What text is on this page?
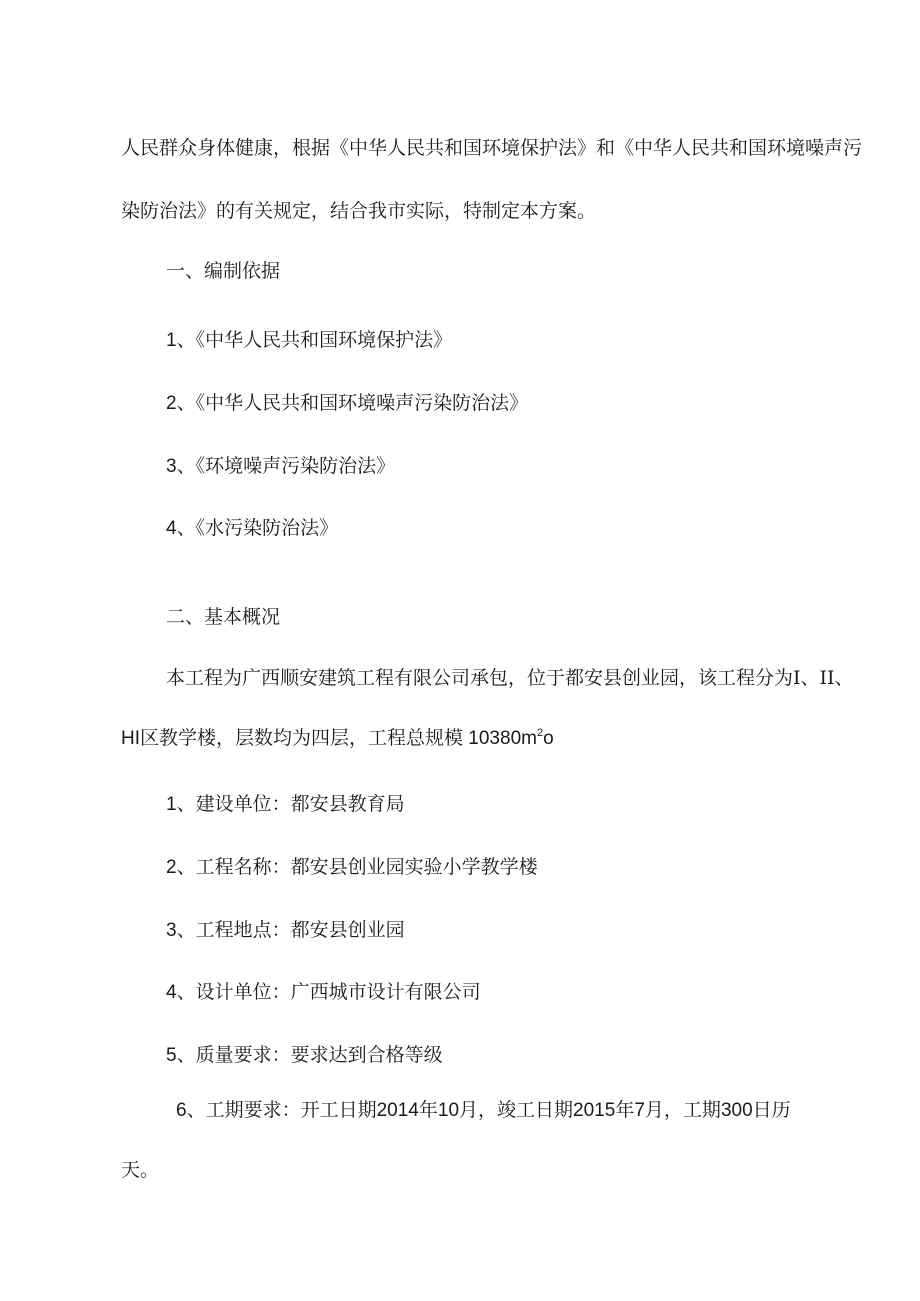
人民群众身体健康，根据《中华人民共和国环境保护法》和《中华人民共和国环境噪声污

染防治法》的有关规定，结合我市实际，特制定本方案。

一、编制依据

1、《中华人民共和国环境保护法》

2、《中华人民共和国环境噪声污染防治法》

3、《环境噪声污染防治法》

4、《水污染防治法》

二、基本概况

本工程为广西顺安建筑工程有限公司承包，位于都安县创业园，该工程分为I、II、

HI区教学楼，层数均为四层，工程总规模 $10380m^2o$

1、建设单位：都安县教育局

2、工程名称：都安县创业园实验小学教学楼

3、工程地点：都安县创业园

4、设计单位：广西城市设计有限公司

5、质量要求：要求达到合格等级

6、工期要求：开工日期2014年10月，竣工日期2015年7月，工期300日历

天。
